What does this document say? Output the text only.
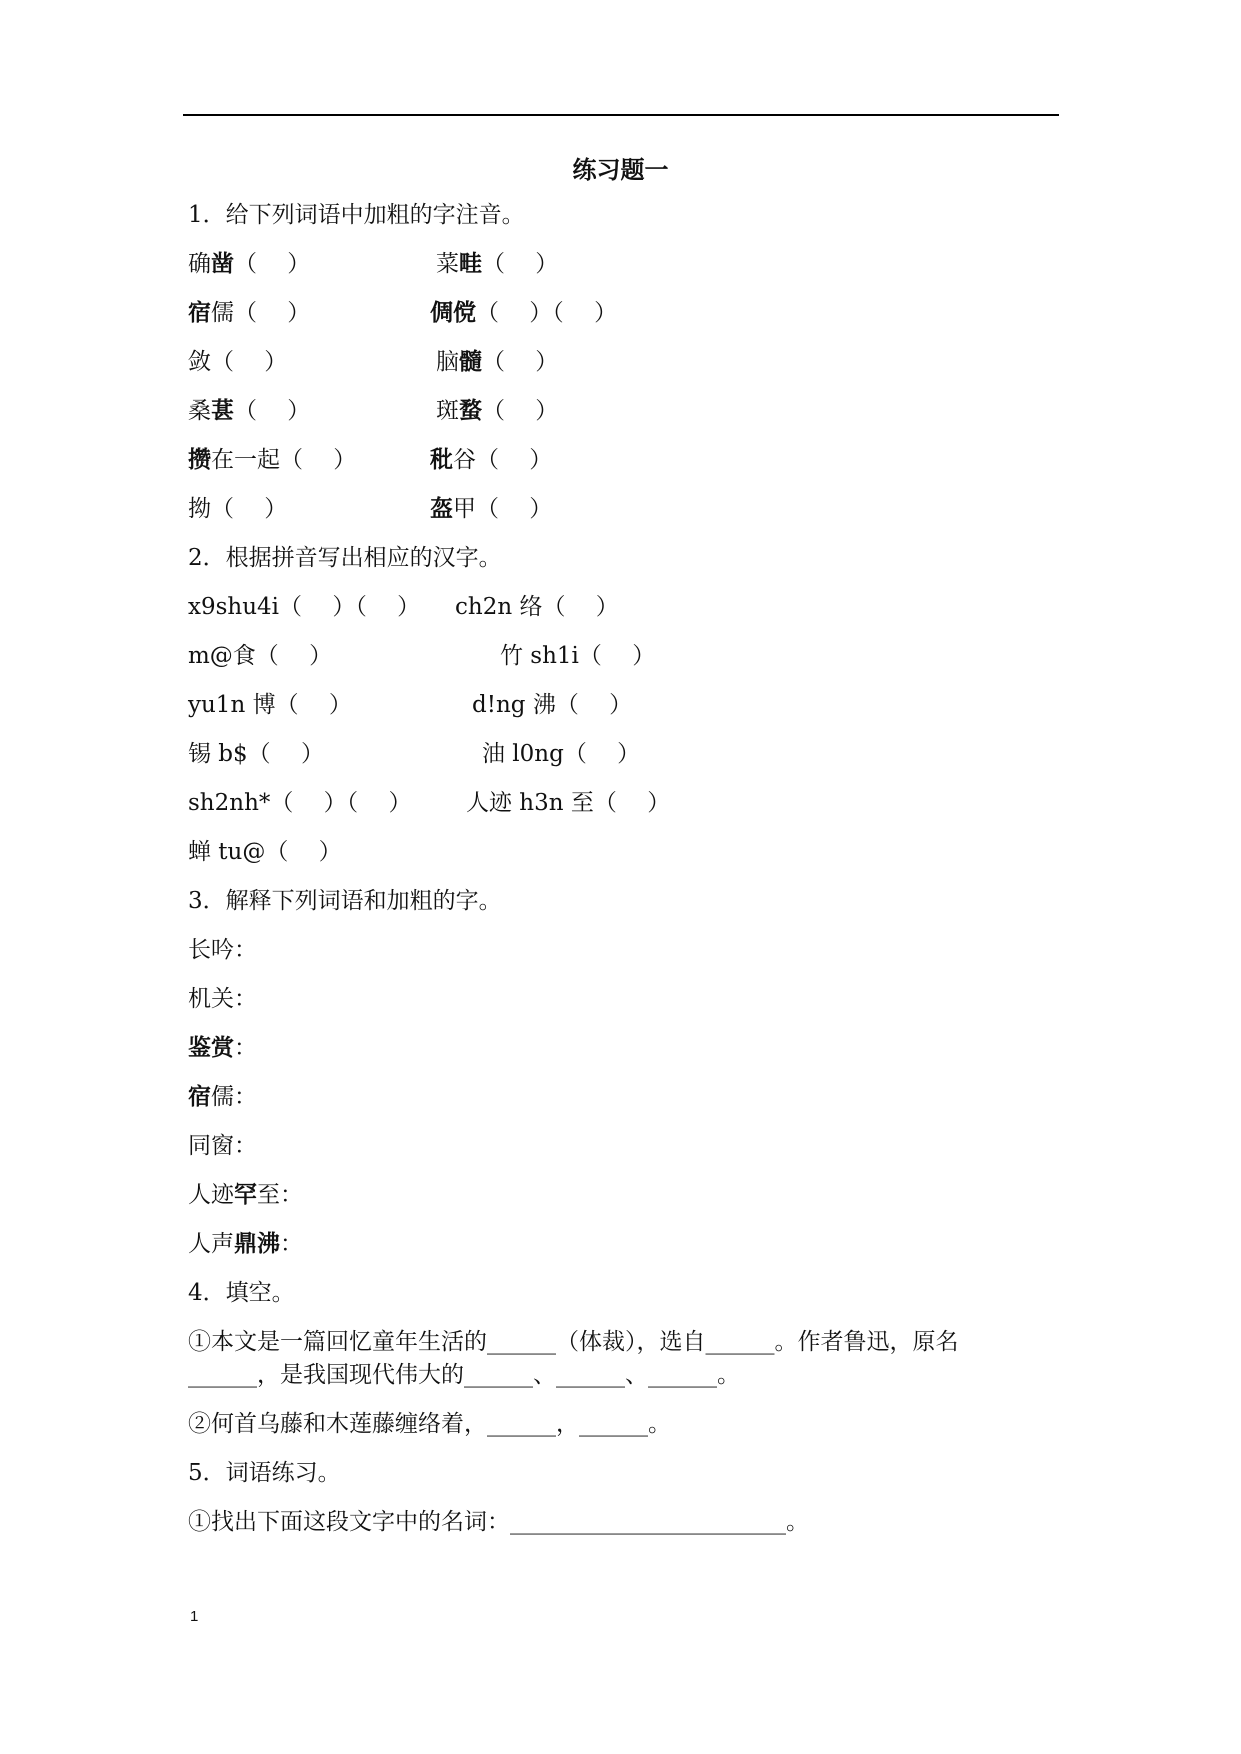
练习题一
1．给下列词语中加粗的字注音。
确凿（　 ）	菜畦（　 ）
宿儒（　 ）	倜傥（　 ）（　 ）
敛（　 ）	脑髓（　 ）
桑葚（　 ）	斑蝥（　 ）
攒在一起（　 ）	秕谷（　 ）
拗（　 ）	盔甲（　 ）
2．根据拼音写出相应的汉字。
x9shu4i（　 ）（　 ） ch2n 络（　 ）
m@食（　 ）	竹 sh1i（　 ）
yu1n 博（　 ）	d!ng 沸（　 ）
锡 b$（　 ）	油 l0ng（　 ）
sh2nh*（　 ）（　 ） 人迹 h3n 至（　 ）
蝉 tu@（　 ）
3．解释下列词语和加粗的字。
长吟：
机关：
鉴赏：
宿儒：
同窗：
人迹罕至：
人声鼎沸：
4．填空。
①本文是一篇回忆童年生活的______（体裁），选自______。作者鲁迅，原名
______，是我国现代伟大的______、______、______。
②何首乌藤和木莲藤缠络着，______，______。
5．词语练习。
①找出下面这段文字中的名词：________________________。
1
